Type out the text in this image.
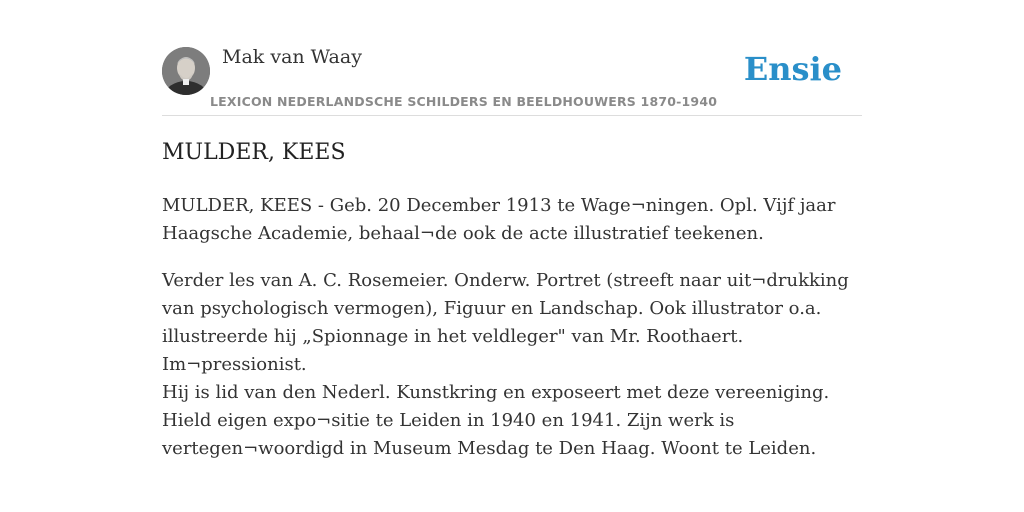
Mak van Waay
LEXICON NEDERLANDSCHE SCHILDERS EN BEELDHOUWERS 1870-1940
Ensie
MULDER, KEES

MULDER, KEES - Geb. 20 December 1913 te Wage¬ningen. Opl. Vijf jaar Haagsche Academie, behaal¬de ook de acte illustratief teekenen.

Verder les van A. C. Rosemeier. Onderw. Portret (streeft naar uit¬drukking van psychologisch vermogen), Figuur en Landschap. Ook illustrator o.a. illustreerde hij „Spionnage in het veldleger" van Mr. Roothaert. Im¬pressionist.

Hij is lid van den Nederl. Kunstkring en exposeert met deze vereeniging. Hield eigen expo¬sitie te Leiden in 1940 en 1941. Zijn werk is vertegen¬woordigd in Museum Mesdag te Den Haag. Woont te Leiden.
